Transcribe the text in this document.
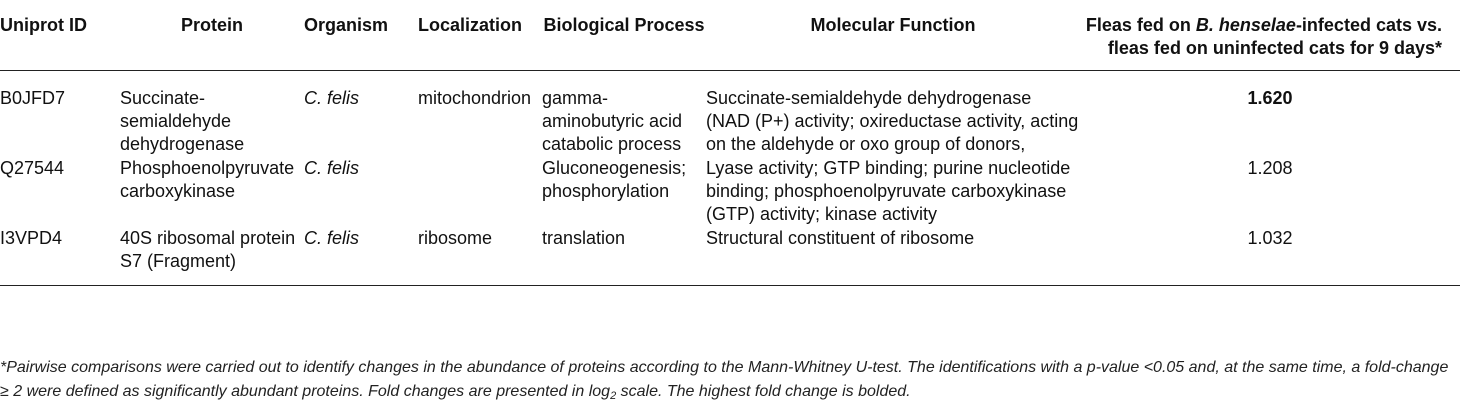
Uniprot ID	Protein	Organism	Localization	Biological Process	Molecular Function	Fleas fed on B. henselae-infected cats vs. fleas fed on uninfected cats for 9 days*
B0JFD7	Succinate-semialdehyde dehydrogenase	C. felis	mitochondrion	gamma-aminobutyric acid catabolic process	Succinate-semialdehyde dehydrogenase (NAD (P+) activity; oxireductase activity, acting on the aldehyde or oxo group of donors,	1.620
Q27544	Phosphoenolpyruvate carboxykinase	C. felis		Gluconeogenesis; phosphorylation	Lyase activity; GTP binding; purine nucleotide binding; phosphoenolpyruvate carboxykinase (GTP) activity; kinase activity	1.208
I3VPD4	40S ribosomal protein S7 (Fragment)	C. felis	ribosome	translation	Structural constituent of ribosome	1.032
*Pairwise comparisons were carried out to identify changes in the abundance of proteins according to the Mann-Whitney U-test. The identifications with a p-value <0.05 and, at the same time, a fold-change ≥ 2 were defined as significantly abundant proteins. Fold changes are presented in $\log_2$ scale. The highest fold change is bolded.
